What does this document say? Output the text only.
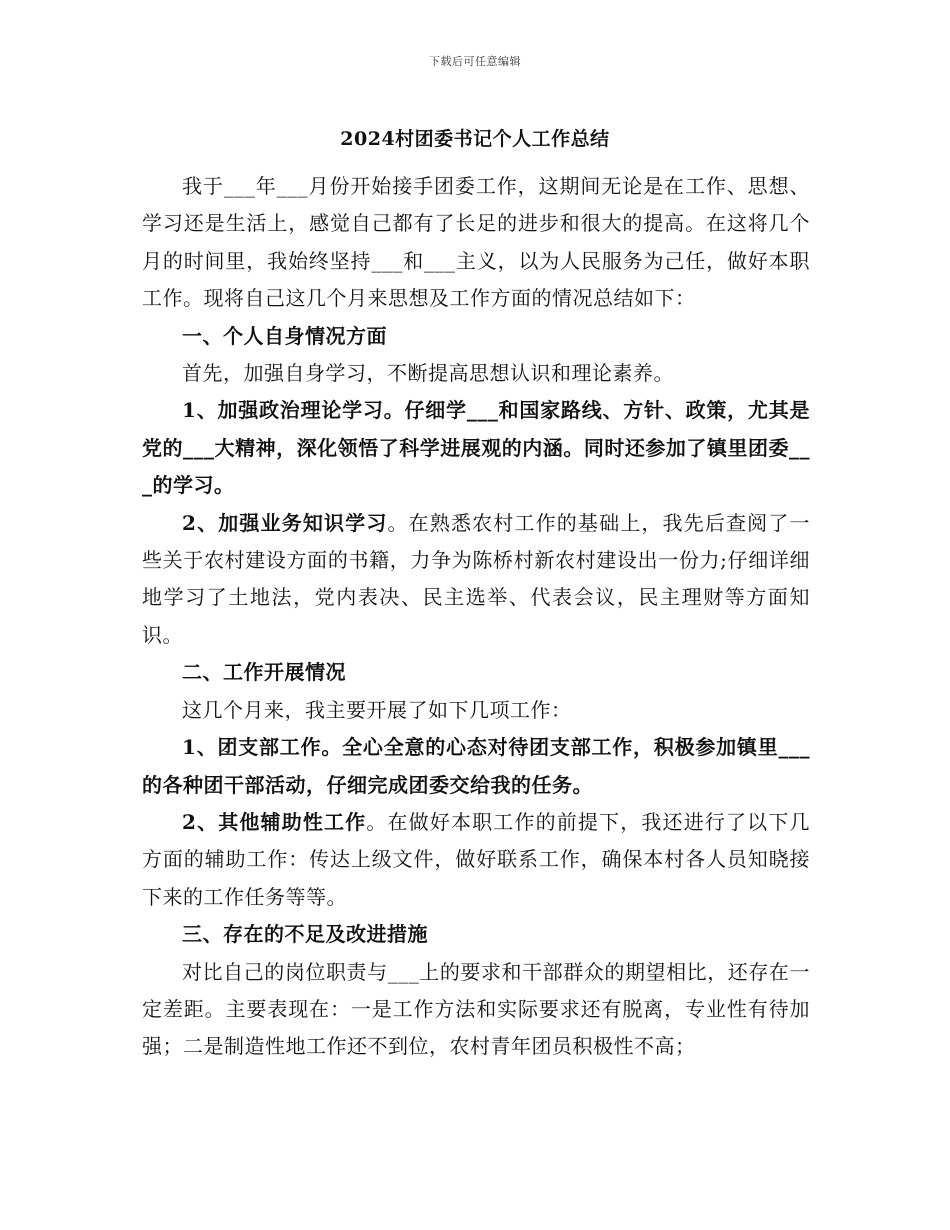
下载后可任意编辑
2024村团委书记个人工作总结

我于___年___月份开始接手团委工作，这期间无论是在工作、思想、学习还是生活上，感觉自己都有了长足的进步和很大的提高。在这将几个月的时间里，我始终坚持___和___主义，以为人民服务为己任，做好本职工作。现将自己这几个月来思想及工作方面的情况总结如下：

一、个人自身情况方面

首先，加强自身学习，不断提高思想认识和理论素养。

1、加强政治理论学习。仔细学___和国家路线、方针、政策，尤其是党的___大精神，深化领悟了科学进展观的内涵。同时还参加了镇里团委___的学习。

2、加强业务知识学习。在熟悉农村工作的基础上，我先后查阅了一些关于农村建设方面的书籍，力争为陈桥村新农村建设出一份力;仔细详细地学习了土地法，党内表决、民主选举、代表会议，民主理财等方面知识。

二、工作开展情况

这几个月来，我主要开展了如下几项工作：

1、团支部工作。全心全意的心态对待团支部工作，积极参加镇里___的各种团干部活动，仔细完成团委交给我的任务。

2、其他辅助性工作。在做好本职工作的前提下，我还进行了以下几方面的辅助工作：传达上级文件，做好联系工作，确保本村各人员知晓接下来的工作任务等等。

三、存在的不足及改进措施

对比自己的岗位职责与___上的要求和干部群众的期望相比，还存在一定差距。主要表现在：一是工作方法和实际要求还有脱离，专业性有待加强；二是制造性地工作还不到位，农村青年团员积极性不高；
